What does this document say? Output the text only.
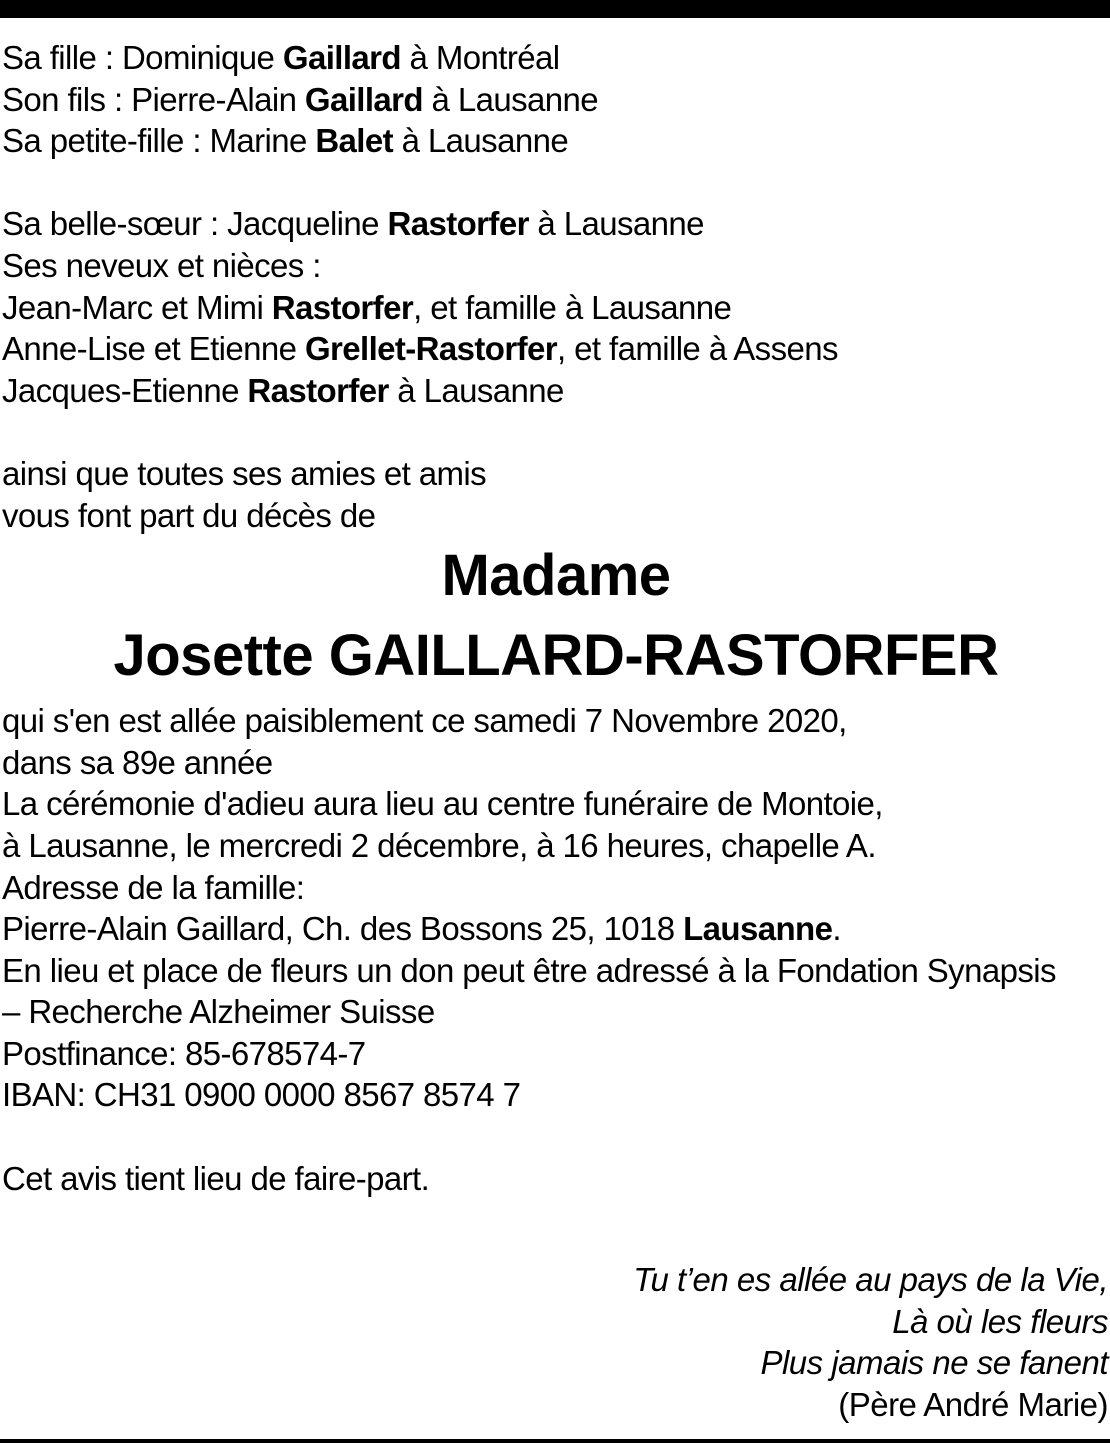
Sa fille : Dominique Gaillard à Montréal
Son fils : Pierre-Alain Gaillard à Lausanne
Sa petite-fille : Marine Balet à Lausanne
Sa belle-sœur : Jacqueline Rastorfer à Lausanne
Ses neveux et nièces :
Jean-Marc et Mimi Rastorfer, et famille à Lausanne
Anne-Lise et Etienne Grellet-Rastorfer, et famille à Assens
Jacques-Etienne Rastorfer à Lausanne
ainsi que toutes ses amies et amis
vous font part du décès de
Madame
Josette GAILLARD-RASTORFER
qui s'en est allée paisiblement ce samedi 7 Novembre 2020,
dans sa 89e année
La cérémonie d'adieu aura lieu au centre funéraire de Montoie,
à Lausanne, le mercredi 2 décembre, à 16 heures, chapelle A.
Adresse de la famille:
Pierre-Alain Gaillard, Ch. des Bossons 25, 1018 Lausanne.
En lieu et place de fleurs un don peut être adressé à la Fondation Synapsis
– Recherche Alzheimer Suisse
Postfinance: 85-678574-7
IBAN: CH31 0900 0000 8567 8574 7
Cet avis tient lieu de faire-part.
Tu t’en es allée au pays de la Vie,
Là où les fleurs
Plus jamais ne se fanent
(Père André Marie)
